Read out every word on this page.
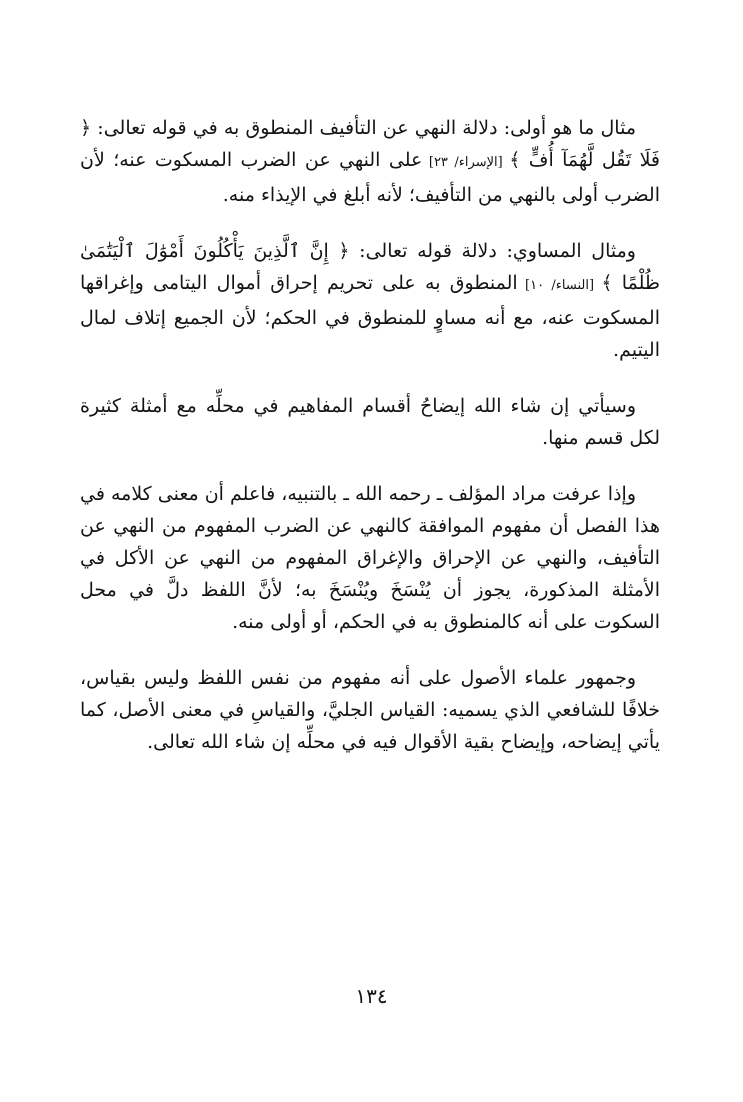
مثال ما هو أولى: دلالة النهي عن التأفيف المنطوق به في قوله تعالى: ﴿ فَلَا تَقُل لَّهُمَآ أُفٍّ ﴾ [الإسراء/ ٢٣] على النهي عن الضرب المسكوت عنه؛ لأن الضرب أولى بالنهي من التأفيف؛ لأنه أبلغ في الإيذاء منه.

ومثال المساوي: دلالة قوله تعالى: ﴿ إِنَّ ٱلَّذِينَ يَأْكُلُونَ أَمْوَٰلَ ٱلْيَتَٰمَىٰ ظُلْمًا ﴾ [النساء/ ١٠] المنطوق به على تحريم إحراق أموال اليتامى وإغراقها المسكوت عنه، مع أنه مساوٍ للمنطوق في الحكم؛ لأن الجميع إتلاف لمال اليتيم.

وسيأتي إن شاء الله إيضاحُ أقسام المفاهيم في محلِّه مع أمثلة كثيرة لكل قسم منها.

وإذا عرفت مراد المؤلف ـ رحمه الله ـ بالتنبيه، فاعلم أن معنى كلامه في هذا الفصل أن مفهوم الموافقة كالنهي عن الضرب المفهوم من النهي عن التأفيف، والنهي عن الإحراق والإغراق المفهوم من النهي عن الأكل في الأمثلة المذكورة، يجوز أن يُنْسَخَ ويُنْسَخَ به؛ لأنَّ اللفظ دلَّ في محل السكوت على أنه كالمنطوق به في الحكم، أو أولى منه.

وجمهور علماء الأصول على أنه مفهوم من نفس اللفظ وليس بقياس، خلافًا للشافعي الذي يسميه: القياس الجليَّ، والقياسِ في معنى الأصل، كما يأتي إيضاحه، وإيضاح بقية الأقوال فيه في محلِّه إن شاء الله تعالى.

١٣٤
